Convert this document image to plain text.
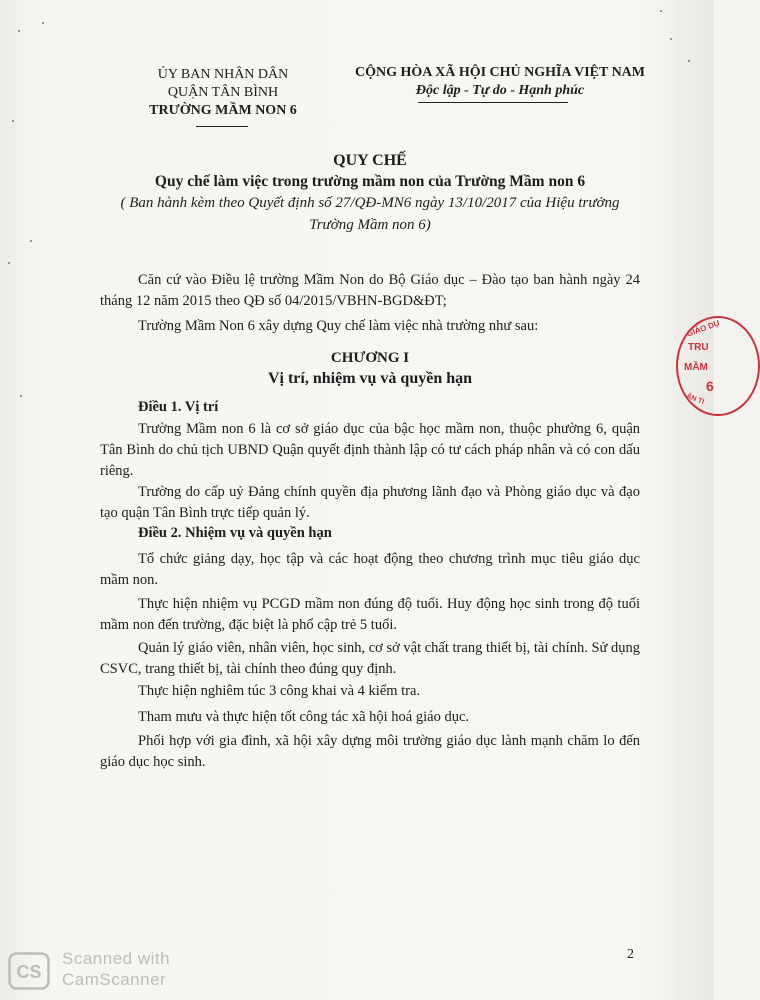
ỦY BAN NHÂN DÂN
QUẬN TÂN BÌNH
TRƯỜNG MẦM NON 6
CỘNG HÒA XÃ HỘI CHỦ NGHĨA VIỆT NAM
Độc lập - Tự do - Hạnh phúc
QUY CHẾ
Quy chế làm việc trong trường mầm non của Trường Mầm non 6
( Ban hành kèm theo Quyết định số 27/QĐ-MN6 ngày 13/10/2017 của Hiệu trưởng
Trường Mầm non 6)
Căn cứ vào Điều lệ trường Mầm Non do Bộ Giáo dục – Đào tạo ban hành ngày 24 tháng 12 năm 2015 theo QĐ số 04/2015/VBHN-BGD&ĐT;
Trường Mầm Non 6 xây dựng Quy chế làm việc nhà trường như sau:
CHƯƠNG I
Vị trí, nhiệm vụ và quyền hạn
Điều 1. Vị trí
Trường Mầm non 6 là cơ sở giáo dục của bậc học mầm non, thuộc phường 6, quận Tân Bình do chủ tịch UBND Quận quyết định thành lập có tư cách pháp nhân và có con dấu riêng.
Trường do cấp uỷ Đảng chính quyền địa phương lãnh đạo và Phòng giáo dục và đạo tạo quận Tân Bình trực tiếp quản lý.
Điều 2. Nhiệm vụ và quyền hạn
Tổ chức giảng dạy, học tập và các hoạt động theo chương trình mục tiêu giáo dục mầm non.
Thực hiện nhiệm vụ PCGD mầm non đúng độ tuổi. Huy động học sinh trong độ tuổi mầm non đến trường, đặc biệt là phổ cập trẻ 5 tuổi.
Quản lý giáo viên, nhân viên, học sinh, cơ sở vật chất trang thiết bị, tài chính. Sử dụng CSVC, trang thiết bị, tài chính theo đúng quy định.
Thực hiện nghiêm túc 3 công khai và 4 kiểm tra.
Tham mưu và thực hiện tốt công tác xã hội hoá giáo dục.
Phối hợp với gia đình, xã hội xây dựng môi trường giáo dục lành mạnh chăm lo đến giáo dục học sinh.
GIÁO DỤ
TRU
MẦM
6
ÂN TI
CS
Scanned with
CamScanner
2
